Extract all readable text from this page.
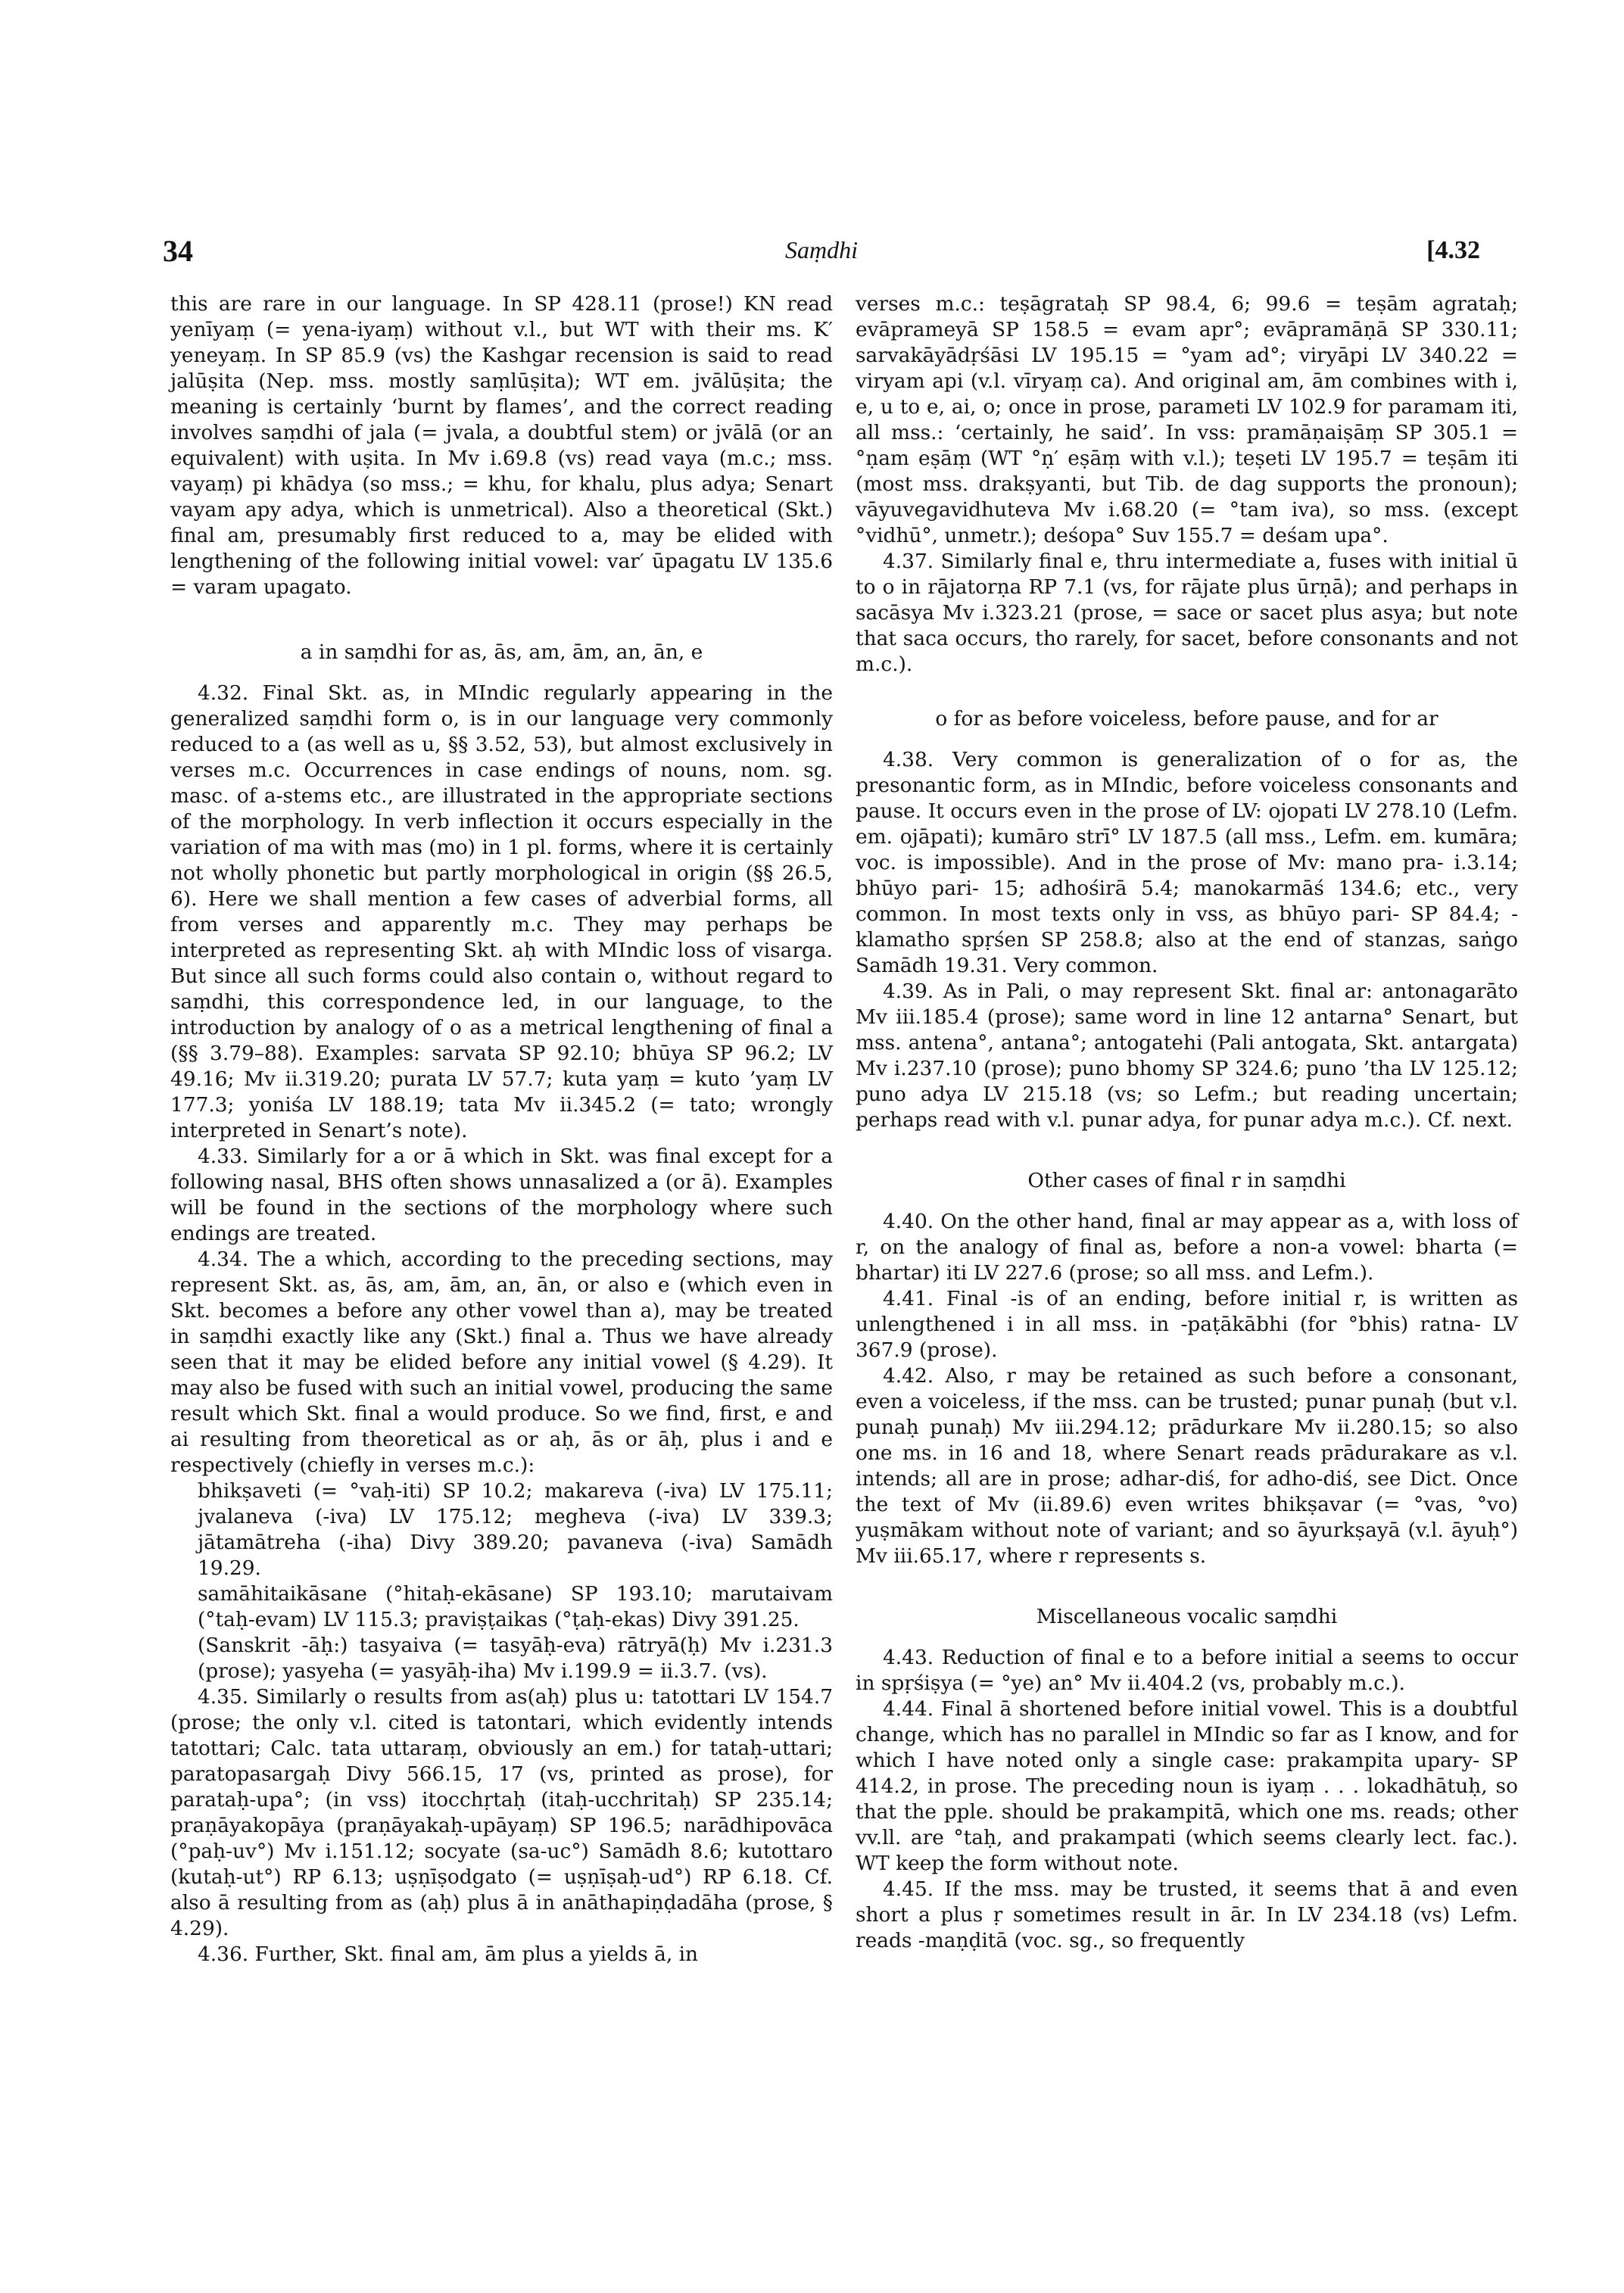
34	Saṃdhi	[4.32

this are rare in our language. In SP 428.11 (prose!) KN read yenīyaṃ (= yena-iyaṃ) without v.l., but WT with their ms. K′ yeneyaṃ. In SP 85.9 (vs) the Kashgar recension is said to read jalūṣita (Nep. mss. mostly saṃlūṣita); WT em. jvālūṣita; the meaning is certainly ‘burnt by flames’, and the correct reading involves saṃdhi of jala (= jvala, a doubtful stem) or jvālā (or an equivalent) with uṣita. In Mv i.69.8 (vs) read vaya (m.c.; mss. vayaṃ) pi khādya (so mss.; = khu, for khalu, plus adya; Senart vayam apy adya, which is unmetrical). Also a theoretical (Skt.) final am, presumably first reduced to a, may be elided with lengthening of the following initial vowel: var′ ūpagatu LV 135.6 = varam upagato.

a in saṃdhi for as, ās, am, ām, an, ān, e

4.32. Final Skt. as, in MIndic regularly appearing in the generalized saṃdhi form o, is in our language very commonly reduced to a (as well as u, §§ 3.52, 53), but almost exclusively in verses m.c. Occurrences in case endings of nouns, nom. sg. masc. of a-stems etc., are illustrated in the appropriate sections of the morphology. In verb inflection it occurs especially in the variation of ma with mas (mo) in 1 pl. forms, where it is certainly not wholly phonetic but partly morphological in origin (§§ 26.5, 6). Here we shall mention a few cases of adverbial forms, all from verses and apparently m.c. They may perhaps be interpreted as representing Skt. aḥ with MIndic loss of visarga. But since all such forms could also contain o, without regard to saṃdhi, this correspondence led, in our language, to the introduction by analogy of o as a metrical lengthening of final a (§§ 3.79–88). Examples: sarvata SP 92.10; bhūya SP 96.2; LV 49.16; Mv ii.319.20; purata LV 57.7; kuta yaṃ = kuto ’yaṃ LV 177.3; yoniśa LV 188.19; tata Mv ii.345.2 (= tato; wrongly interpreted in Senart’s note).

4.33. Similarly for a or ā which in Skt. was final except for a following nasal, BHS often shows unnasalized a (or ā). Examples will be found in the sections of the morphology where such endings are treated.

4.34. The a which, according to the preceding sections, may represent Skt. as, ās, am, ām, an, ān, or also e (which even in Skt. becomes a before any other vowel than a), may be treated in saṃdhi exactly like any (Skt.) final a. Thus we have already seen that it may be elided before any initial vowel (§ 4.29). It may also be fused with such an initial vowel, producing the same result which Skt. final a would produce. So we find, first, e and ai resulting from theoretical as or aḥ, ās or āḥ, plus i and e respectively (chiefly in verses m.c.):

bhikṣaveti (= °vaḥ-iti) SP 10.2; makareva (-iva) LV 175.11; jvalaneva (-iva) LV 175.12; megheva (-iva) LV 339.3; jātamātreha (-iha) Divy 389.20; pavaneva (-iva) Samādh 19.29.

samāhitaikāsane (°hitaḥ-ekāsane) SP 193.10; marutaivam (°taḥ-evam) LV 115.3; praviṣṭaikas (°ṭaḥ-ekas) Divy 391.25.

(Sanskrit -āḥ:) tasyaiva (= tasyāḥ-eva) rātryā(ḥ) Mv i.231.3 (prose); yasyeha (= yasyāḥ-iha) Mv i.199.9 = ii.3.7. (vs).

4.35. Similarly o results from as(aḥ) plus u: tatottari LV 154.7 (prose; the only v.l. cited is tatontari, which evidently intends tatottari; Calc. tata uttaraṃ, obviously an em.) for tataḥ-uttari; paratopasargaḥ Divy 566.15, 17 (vs, printed as prose), for parataḥ-upa°; (in vss) itocchṛtaḥ (itaḥ-ucchritaḥ) SP 235.14; praṇāyakopāya (praṇāyakaḥ-upāyaṃ) SP 196.5; narādhipovāca (°paḥ-uv°) Mv i.151.12; socyate (sa-uc°) Samādh 8.6; kutottaro (kutaḥ-ut°) RP 6.13; uṣṇīṣodgato (= uṣṇīṣaḥ-ud°) RP 6.18. Cf. also ā resulting from as (aḥ) plus ā in anāthapiṇḍadāha (prose, § 4.29).

4.36. Further, Skt. final am, ām plus a yields ā, in

verses m.c.: teṣāgrataḥ SP 98.4, 6; 99.6 = teṣām agrataḥ; evāprameyā SP 158.5 = evam apr°; evāpramāṇā SP 330.11; sarvakāyādṛśāsi LV 195.15 = °yam ad°; viryāpi LV 340.22 = viryam api (v.l. vīryaṃ ca). And original am, ām combines with i, e, u to e, ai, o; once in prose, parameti LV 102.9 for paramam iti, all mss.: ‘certainly, he said’. In vss: pramāṇaiṣāṃ SP 305.1 = °ṇam eṣāṃ (WT °ṇ′ eṣāṃ with v.l.); teṣeti LV 195.7 = teṣām iti (most mss. drakṣyanti, but Tib. de dag supports the pronoun); vāyuvegavidhuteva Mv i.68.20 (= °tam iva), so mss. (except °vidhū°, unmetr.); deśopa° Suv 155.7 = deśam upa°.

4.37. Similarly final e, thru intermediate a, fuses with initial ū to o in rājatorṇa RP 7.1 (vs, for rājate plus ūrṇā); and perhaps in sacāsya Mv i.323.21 (prose, = sace or sacet plus asya; but note that saca occurs, tho rarely, for sacet, before consonants and not m.c.).

o for as before voiceless, before pause, and for ar

4.38. Very common is generalization of o for as, the presonantic form, as in MIndic, before voiceless consonants and pause. It occurs even in the prose of LV: ojopati LV 278.10 (Lefm. em. ojāpati); kumāro strī° LV 187.5 (all mss., Lefm. em. kumāra; voc. is impossible). And in the prose of Mv: mano pra- i.3.14; bhūyo pari- 15; adhośirā 5.4; manokarmāś 134.6; etc., very common. In most texts only in vss, as bhūyo pari- SP 84.4; -klamatho spṛśen SP 258.8; also at the end of stanzas, saṅgo Samādh 19.31. Very common.

4.39. As in Pali, o may represent Skt. final ar: antonagarāto Mv iii.185.4 (prose); same word in line 12 antarna° Senart, but mss. antena°, antana°; antogatehi (Pali antogata, Skt. antargata) Mv i.237.10 (prose); puno bhomy SP 324.6; puno ’tha LV 125.12; puno adya LV 215.18 (vs; so Lefm.; but reading uncertain; perhaps read with v.l. punar adya, for punar adya m.c.). Cf. next.

Other cases of final r in saṃdhi

4.40. On the other hand, final ar may appear as a, with loss of r, on the analogy of final as, before a non-a vowel: bharta (= bhartar) iti LV 227.6 (prose; so all mss. and Lefm.).

4.41. Final -is of an ending, before initial r, is written as unlengthened i in all mss. in -paṭākābhi (for °bhis) ratna- LV 367.9 (prose).

4.42. Also, r may be retained as such before a consonant, even a voiceless, if the mss. can be trusted; punar punaḥ (but v.l. punaḥ punaḥ) Mv iii.294.12; prādurkare Mv ii.280.15; so also one ms. in 16 and 18, where Senart reads prādurakare as v.l. intends; all are in prose; adhar-diś, for adho-diś, see Dict. Once the text of Mv (ii.89.6) even writes bhikṣavar (= °vas, °vo) yuṣmākam without note of variant; and so āyurkṣayā (v.l. āyuḥ°) Mv iii.65.17, where r represents s.

Miscellaneous vocalic saṃdhi

4.43. Reduction of final e to a before initial a seems to occur in spṛśiṣya (= °ye) an° Mv ii.404.2 (vs, probably m.c.).

4.44. Final ā shortened before initial vowel. This is a doubtful change, which has no parallel in MIndic so far as I know, and for which I have noted only a single case: prakampita upary- SP 414.2, in prose. The preceding noun is iyaṃ . . . lokadhātuḥ, so that the pple. should be prakampitā, which one ms. reads; other vv.ll. are °taḥ, and prakampati (which seems clearly lect. fac.). WT keep the form without note.

4.45. If the mss. may be trusted, it seems that ā and even short a plus ṛ sometimes result in ār. In LV 234.18 (vs) Lefm. reads -maṇḍitā (voc. sg., so frequently
